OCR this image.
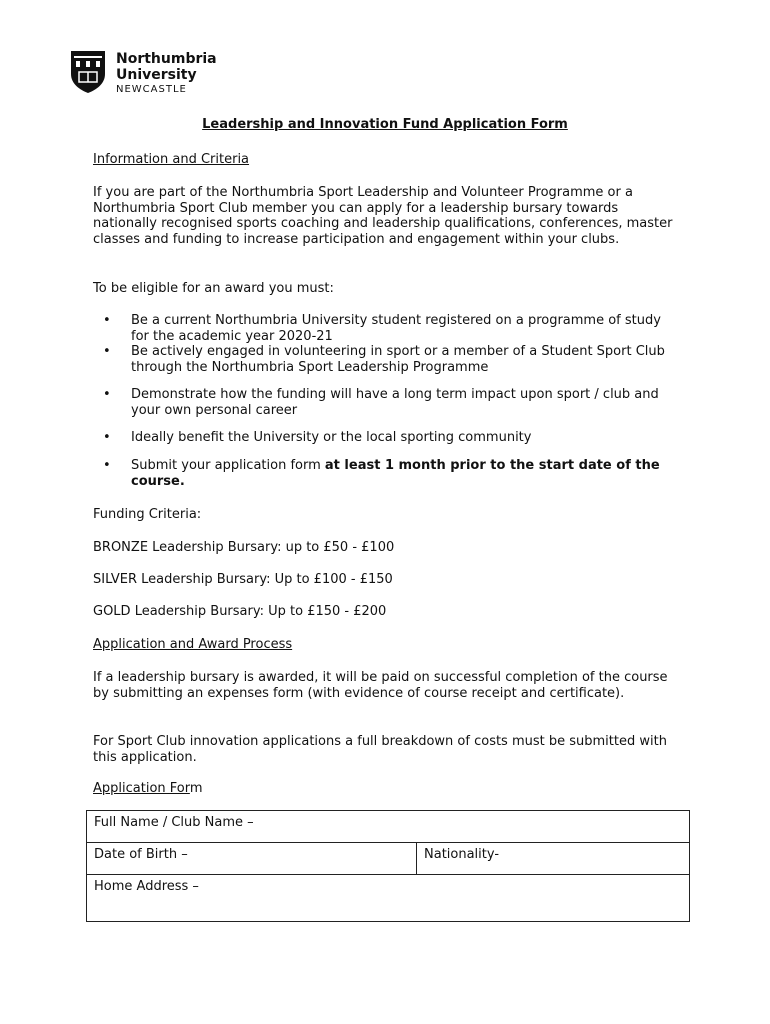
Northumbria
University
NEWCASTLE
Leadership and Innovation Fund Application Form

Information and Criteria

If you are part of the Northumbria Sport Leadership and Volunteer Programme or a Northumbria Sport Club member you can apply for a leadership bursary towards nationally recognised sports coaching and leadership qualifications, conferences, master classes and funding to increase participation and engagement within your clubs.

To be eligible for an award you must:

• Be a current Northumbria University student registered on a programme of study for the academic year 2020-21
• Be actively engaged in volunteering in sport or a member of a Student Sport Club through the Northumbria Sport Leadership Programme
• Demonstrate how the funding will have a long term impact upon sport / club and your own personal career
• Ideally benefit the University or the local sporting community
• Submit your application form at least 1 month prior to the start date of the course.

Funding Criteria:

BRONZE Leadership Bursary: up to £50 - £100

SILVER Leadership Bursary: Up to £100 - £150

GOLD Leadership Bursary: Up to £150 - £200

Application and Award Process

If a leadership bursary is awarded, it will be paid on successful completion of the course by submitting an expenses form (with evidence of course receipt and certificate).

For Sport Club innovation applications a full breakdown of costs must be submitted with this application.

Application Form

Full Name / Club Name –
Date of Birth –	Nationality-
Home Address –
